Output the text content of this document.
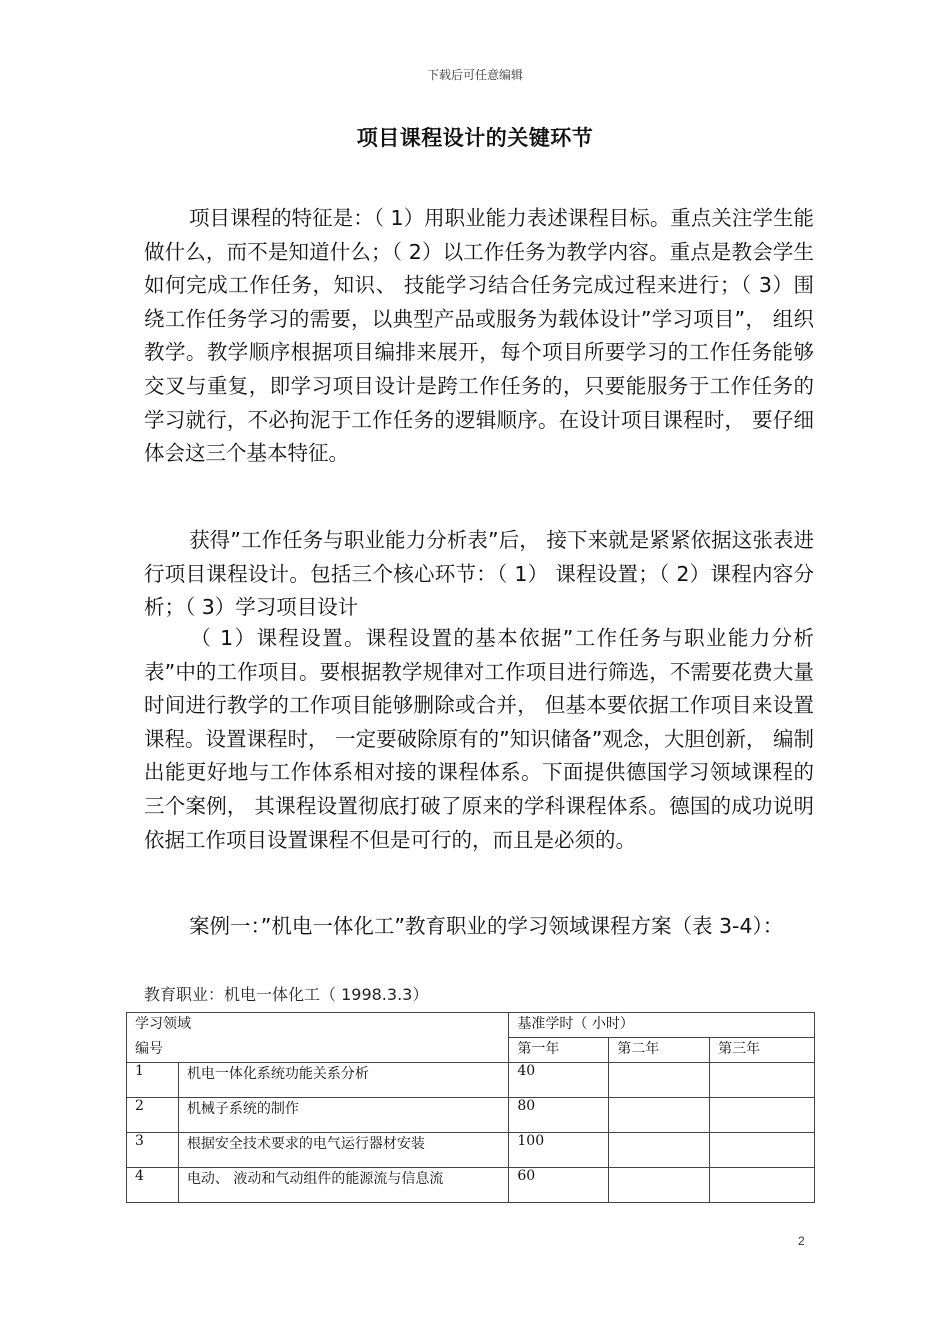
下载后可任意编辑
项目课程设计的关键环节

项目课程的特征是：（ 1）用职业能力表述课程目标。重点关注学生能做什么，而不是知道什么；（ 2）以工作任务为教学内容。重点是教会学生如何完成工作任务，知识、 技能学习结合任务完成过程来进行；（ 3）围绕工作任务学习的需要，以典型产品或服务为载体设计”学习项目”， 组织教学。教学顺序根据项目编排来展开，每个项目所要学习的工作任务能够交叉与重复，即学习项目设计是跨工作任务的，只要能服务于工作任务的学习就行，不必拘泥于工作任务的逻辑顺序。在设计项目课程时， 要仔细体会这三个基本特征。

获得”工作任务与职业能力分析表”后， 接下来就是紧紧依据这张表进行项目课程设计。包括三个核心环节：（ 1） 课程设置；（ 2）课程内容分析；（ 3）学习项目设计

（ 1）课程设置。课程设置的基本依据”工作任务与职业能力分析表”中的工作项目。要根据教学规律对工作项目进行筛选，不需要花费大量时间进行教学的工作项目能够删除或合并， 但基本要依据工作项目来设置课程。设置课程时， 一定要破除原有的”知识储备”观念，大胆创新， 编制出能更好地与工作体系相对接的课程体系。下面提供德国学习领域课程的三个案例， 其课程设置彻底打破了原来的学科课程体系。德国的成功说明依据工作项目设置课程不但是可行的，而且是必须的。

案例一：”机电一体化工”教育职业的学习领域课程方案（表 3-4）：

教育职业：机电一体化工（ 1998.3.3）
学习领域		基准学时（ 小时）		
编号		第一年	第二年	第三年
1	机电一体化系统功能关系分析	40		
2	机械子系统的制作	80		
3	根据安全技术要求的电气运行器材安装	100		
4	电动、 液动和气动组件的能源流与信息流	60		
2
